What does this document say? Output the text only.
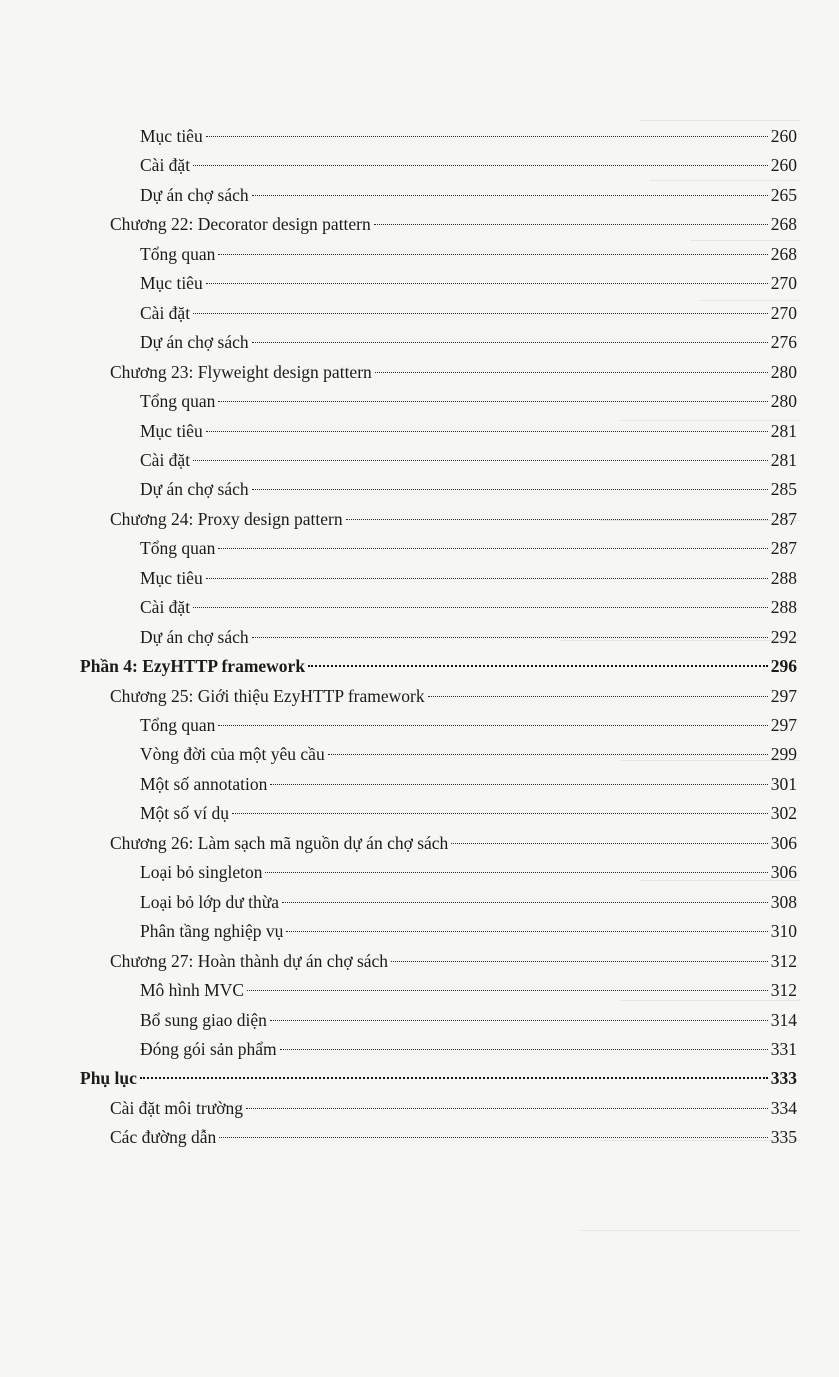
Mục tiêu	260
Cài đặt	260
Dự án chợ sách	265
Chương 22: Decorator design pattern	268
Tổng quan	268
Mục tiêu	270
Cài đặt	270
Dự án chợ sách	276
Chương 23: Flyweight design pattern	280
Tổng quan	280
Mục tiêu	281
Cài đặt	281
Dự án chợ sách	285
Chương 24: Proxy design pattern	287
Tổng quan	287
Mục tiêu	288
Cài đặt	288
Dự án chợ sách	292
Phần 4: EzyHTTP framework	296
Chương 25: Giới thiệu EzyHTTP framework	297
Tổng quan	297
Vòng đời của một yêu cầu	299
Một số annotation	301
Một số ví dụ	302
Chương 26: Làm sạch mã nguồn dự án chợ sách	306
Loại bỏ singleton	306
Loại bỏ lớp dư thừa	308
Phân tầng nghiệp vụ	310
Chương 27: Hoàn thành dự án chợ sách	312
Mô hình MVC	312
Bổ sung giao diện	314
Đóng gói sản phẩm	331
Phụ lục	333
Cài đặt môi trường	334
Các đường dẫn	335
